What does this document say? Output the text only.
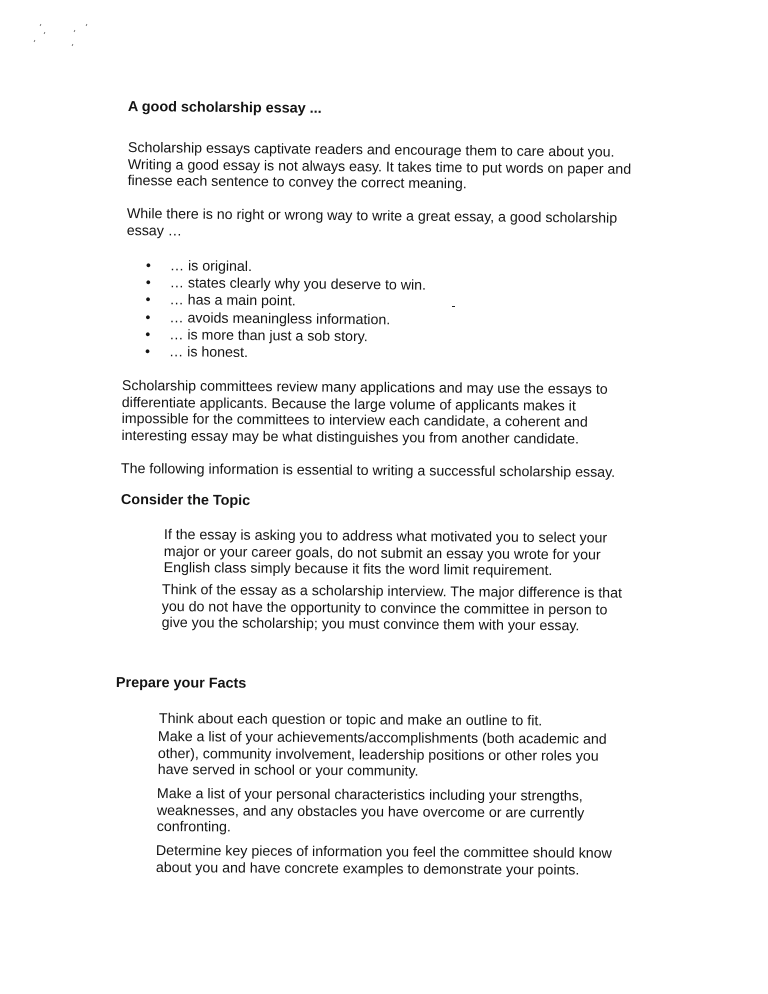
A good scholarship essay ...
Scholarship essays captivate readers and encourage them to care about you.
Writing a good essay is not always easy. It takes time to put words on paper and
finesse each sentence to convey the correct meaning.
While there is no right or wrong way to write a great essay, a good scholarship
essay …
• … is original.
• … states clearly why you deserve to win.
• … has a main point.
• … avoids meaningless information.
• … is more than just a sob story.
• … is honest.
Scholarship committees review many applications and may use the essays to
differentiate applicants. Because the large volume of applicants makes it
impossible for the committees to interview each candidate, a coherent and
interesting essay may be what distinguishes you from another candidate.
The following information is essential to writing a successful scholarship essay.
Consider the Topic
If the essay is asking you to address what motivated you to select your
major or your career goals, do not submit an essay you wrote for your
English class simply because it fits the word limit requirement.
Think of the essay as a scholarship interview. The major difference is that
you do not have the opportunity to convince the committee in person to
give you the scholarship; you must convince them with your essay.
Prepare your Facts
Think about each question or topic and make an outline to fit.
Make a list of your achievements/accomplishments (both academic and
other), community involvement, leadership positions or other roles you
have served in school or your community.
Make a list of your personal characteristics including your strengths,
weaknesses, and any obstacles you have overcome or are currently
confronting.
Determine key pieces of information you feel the committee should know
about you and have concrete examples to demonstrate your points.
